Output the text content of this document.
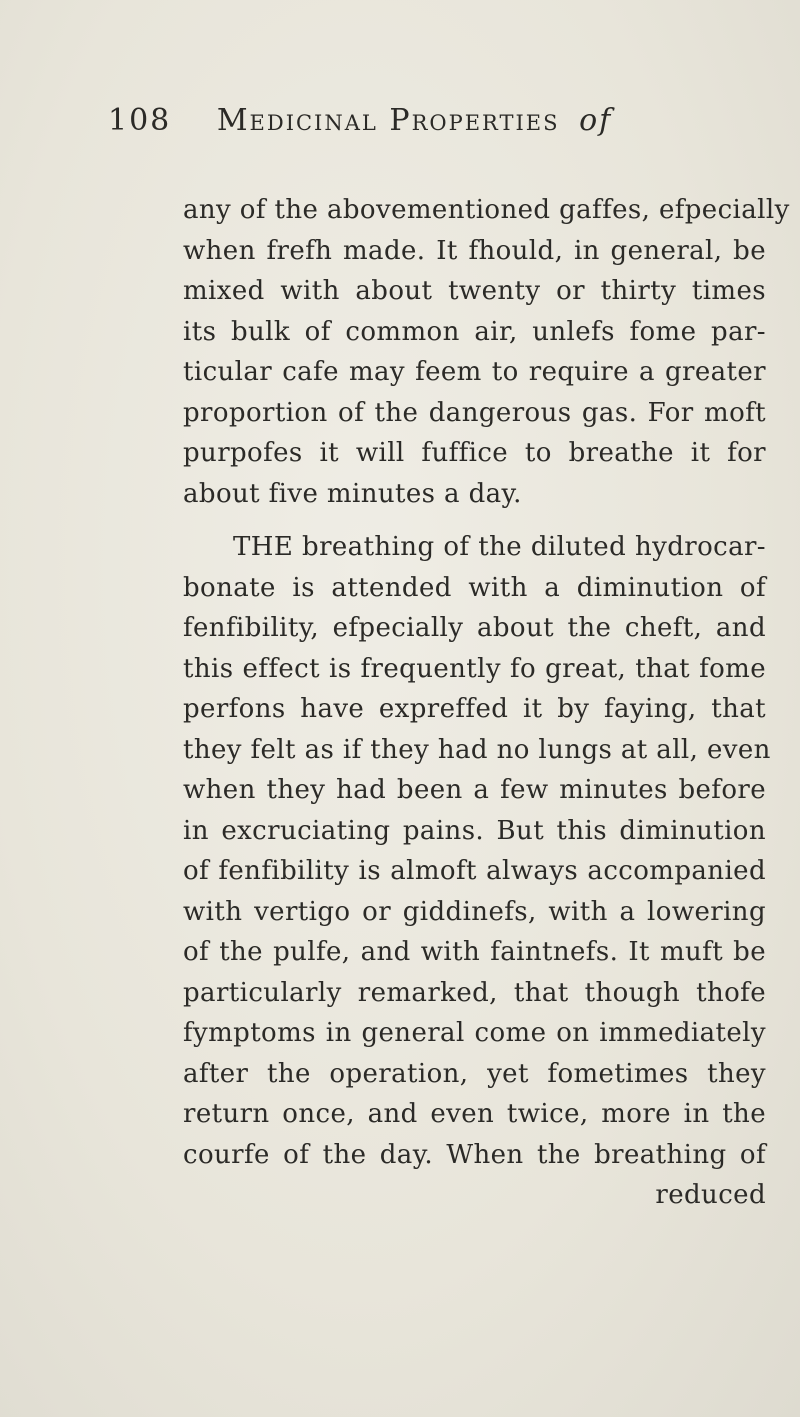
108 Medicinal Properties of
any of the abovementioned gaffes, efpecially
when frefh made. It fhould, in general, be
mixed with about twenty or thirty times
its bulk of common air, unlefs fome par-
ticular cafe may feem to require a greater
proportion of the dangerous gas. For moft
purpofes it will fuffice to breathe it for
about five minutes a day.
THE breathing of the diluted hydrocar-
bonate is attended with a diminution of
fenfibility, efpecially about the cheft, and
this effect is frequently fo great, that fome
perfons have expreffed it by faying, that
they felt as if they had no lungs at all, even
when they had been a few minutes before
in excruciating pains. But this diminution
of fenfibility is almoft always accompanied
with vertigo or giddinefs, with a lowering
of the pulfe, and with faintnefs. It muft be
particularly remarked, that though thofe
fymptoms in general come on immediately
after the operation, yet fometimes they
return once, and even twice, more in the
courfe of the day. When the breathing of
reduced
